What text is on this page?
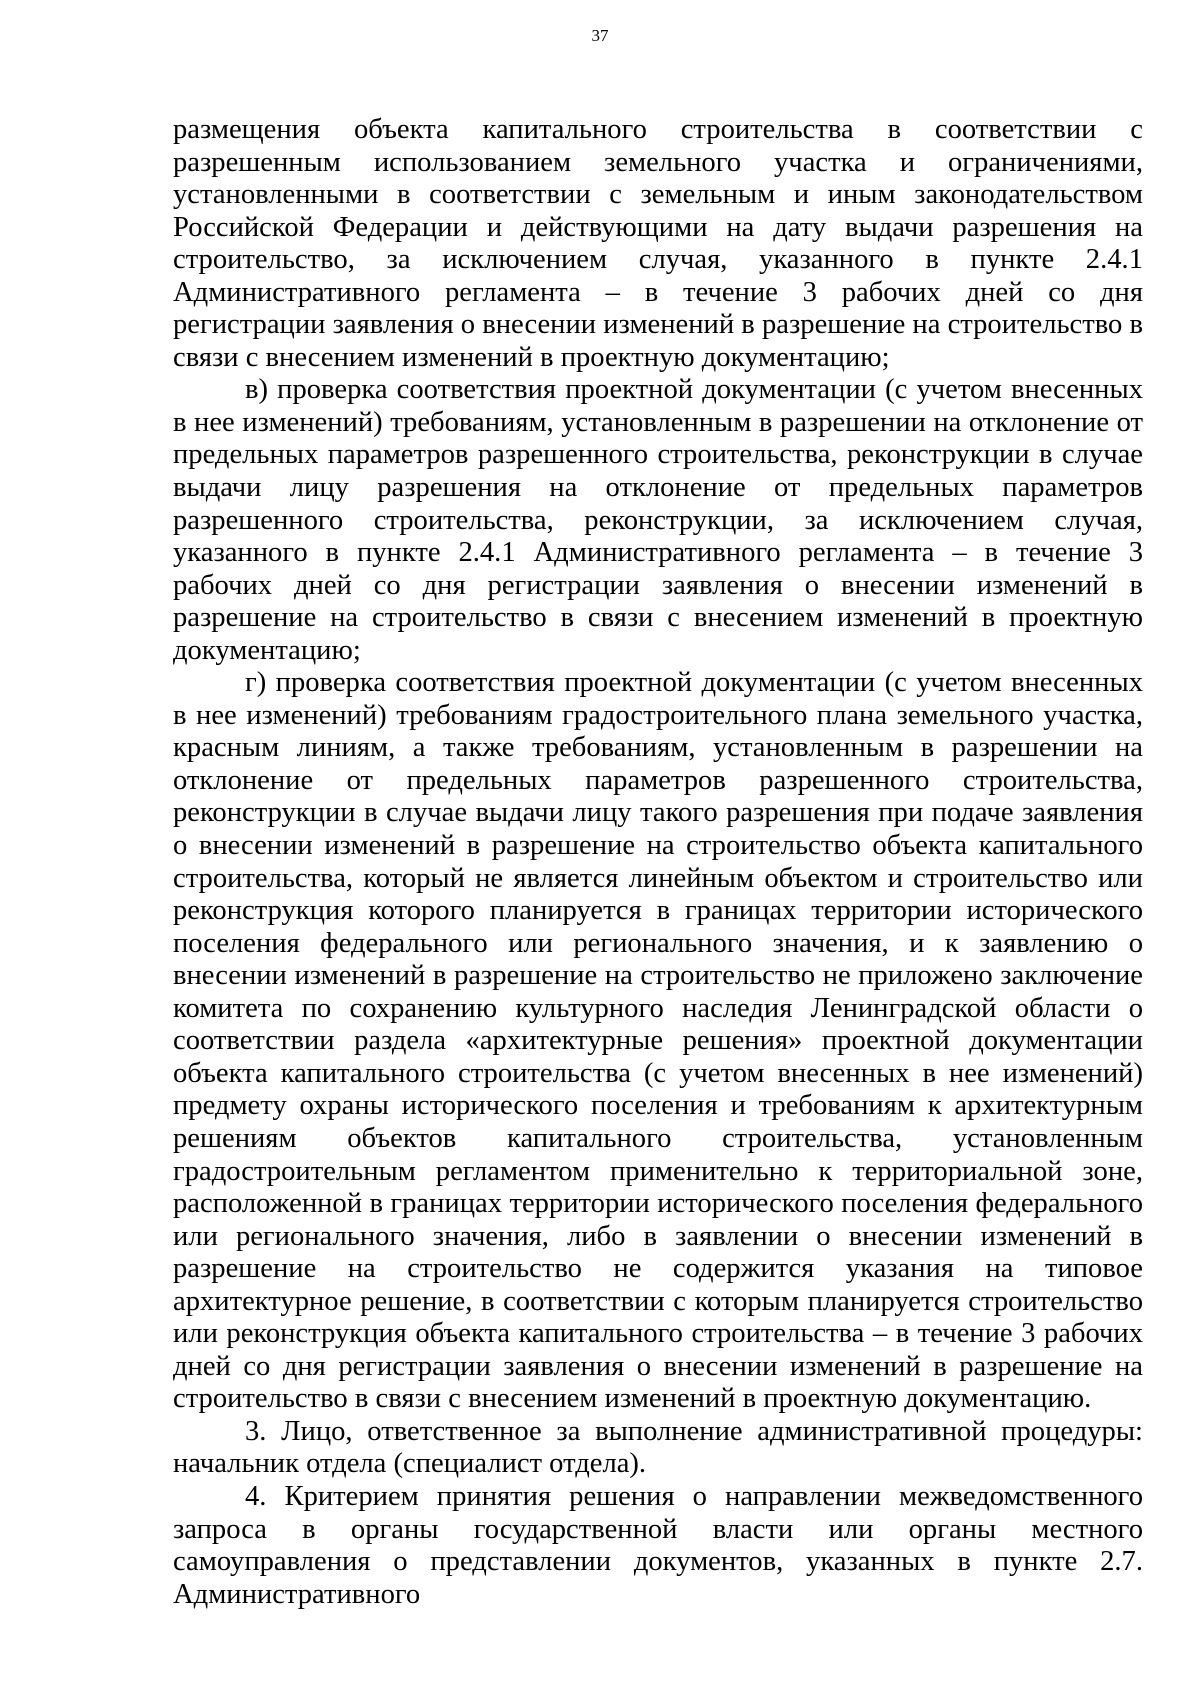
37

размещения объекта капитального строительства в соответствии с разрешенным использованием земельного участка и ограничениями, установленными в соответствии с земельным и иным законодательством Российской Федерации и действующими на дату выдачи разрешения на строительство, за исключением случая, указанного в пункте 2.4.1 Административного регламента – в течение 3 рабочих дней со дня регистрации заявления о внесении изменений в разрешение на строительство в связи с внесением изменений в проектную документацию;

в) проверка соответствия проектной документации (с учетом внесенных в нее изменений) требованиям, установленным в разрешении на отклонение от предельных параметров разрешенного строительства, реконструкции в случае выдачи лицу разрешения на отклонение от предельных параметров разрешенного строительства, реконструкции, за исключением случая, указанного в пункте 2.4.1 Административного регламента – в течение 3 рабочих дней со дня регистрации заявления о внесении изменений в разрешение на строительство в связи с внесением изменений в проектную документацию;

г) проверка соответствия проектной документации (с учетом внесенных в нее изменений) требованиям градостроительного плана земельного участка, красным линиям, а также требованиям, установленным в разрешении на отклонение от предельных параметров разрешенного строительства, реконструкции в случае выдачи лицу такого разрешения при подаче заявления о внесении изменений в разрешение на строительство объекта капитального строительства, который не является линейным объектом и строительство или реконструкция которого планируется в границах территории исторического поселения федерального или регионального значения, и к заявлению о внесении изменений в разрешение на строительство не приложено заключение комитета по сохранению культурного наследия Ленинградской области о соответствии раздела «архитектурные решения» проектной документации объекта капитального строительства (с учетом внесенных в нее изменений) предмету охраны исторического поселения и требованиям к архитектурным решениям объектов капитального строительства, установленным градостроительным регламентом применительно к территориальной зоне, расположенной в границах территории исторического поселения федерального или регионального значения, либо в заявлении о внесении изменений в разрешение на строительство не содержится указания на типовое архитектурное решение, в соответствии с которым планируется строительство или реконструкция объекта капитального строительства – в течение 3 рабочих дней со дня регистрации заявления о внесении изменений в разрешение на строительство в связи с внесением изменений в проектную документацию.

3. Лицо, ответственное за выполнение административной процедуры: начальник отдела (специалист отдела).

4. Критерием принятия решения о направлении межведомственного запроса в органы государственной власти или органы местного самоуправления о представлении документов, указанных в пункте 2.7. Административного
